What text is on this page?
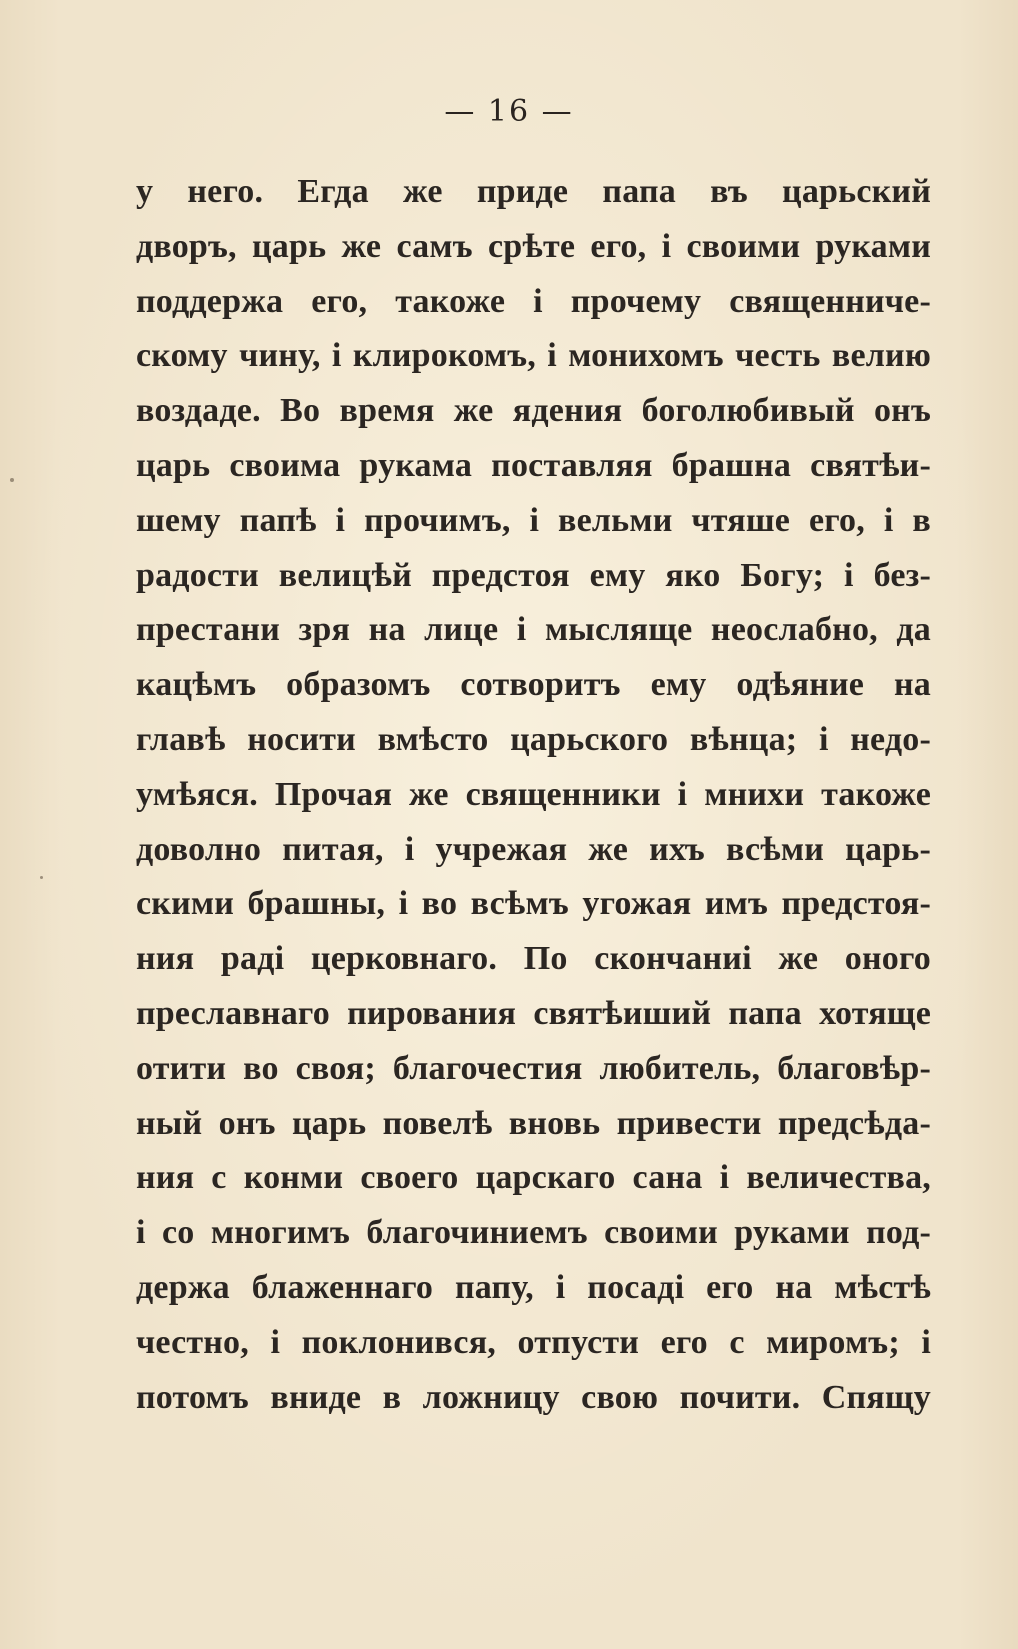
— 16 —
у него. Егда же приде папа въ царьский
дворъ, царь же самъ срѣте его, і своими руками
поддержа его, такоже і прочему священниче-
скому чину, і клирокомъ, і монихомъ честь велию
воздаде. Во время же ядения боголюбивый онъ
царь своима рукама поставляя брашна святѣи-
шему папѣ і прочимъ, і вельми чтяше его, і в
радости велицѣй предстоя ему яко Богу; і без-
престани зря на лице і мысляще неослабно, да
кацѣмъ образомъ сотворитъ ему одѣяние на
главѣ носити вмѣсто царьского вѣнца; і недо-
умѣяся. Прочая же священники і мнихи такоже
доволно питая, і учрежая же ихъ всѣми царь-
скими брашны, і во всѣмъ угожая имъ предстоя-
ния раді церковнаго. По скончаниі же оного
преславнаго пирования святѣиший папа хотяще
отити во своя; благочестия любитель, благовѣр-
ный онъ царь повелѣ вновь привести предсѣда-
ния с конми своего царскаго сана і величества,
і со многимъ благочиниемъ своими руками под-
держа блаженнаго папу, і посаді его на мѣстѣ
честно, і поклонився, отпусти его с миромъ; і
потомъ вниде в ложницу свою почити. Спящу
